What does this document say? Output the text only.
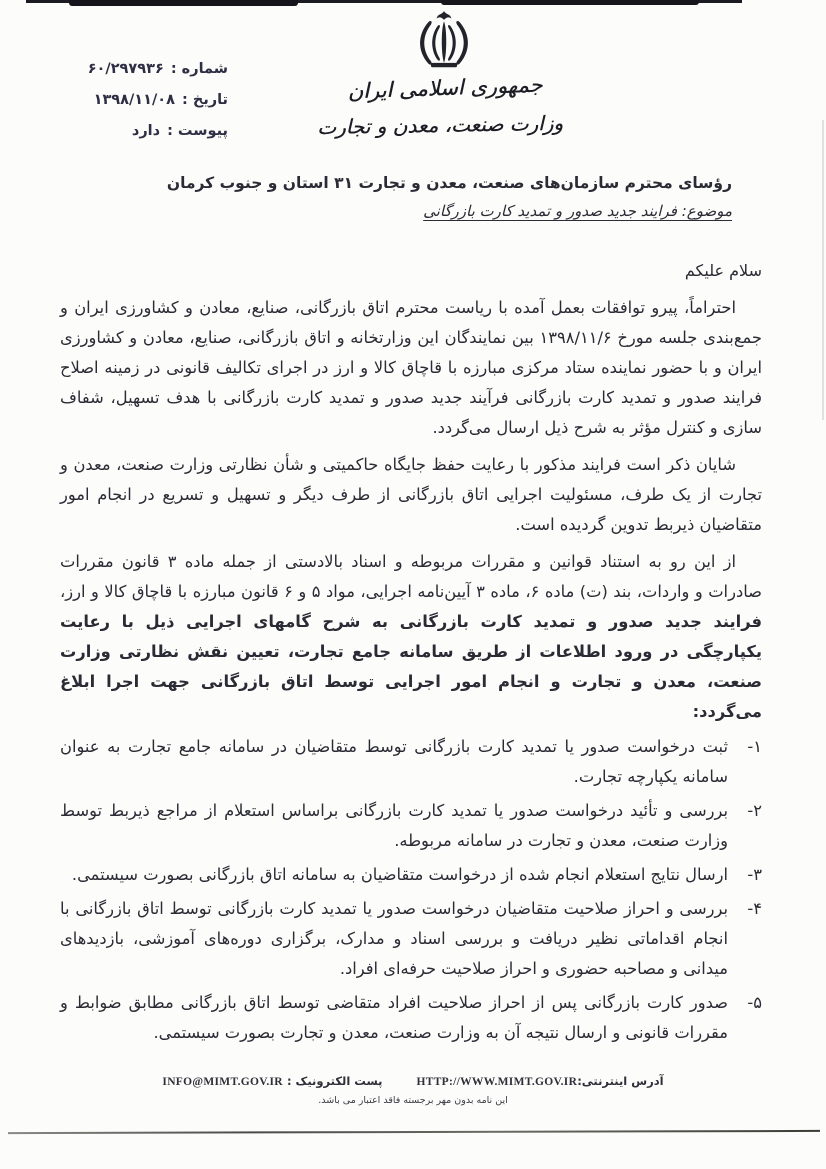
جمهوری اسلامی ایران
وزارت صنعت، معدن و تجارت
شماره :۶۰/۲۹۷۹۳۶
تاریخ :۱۳۹۸/۱۱/۰۸
پیوست :دارد
رؤسای محترم سازمان‌های صنعت، معدن و تجارت ۳۱ استان و جنوب کرمان
موضوع: فرایند جدید صدور و تمدید کارت بازرگانی
سلام علیکم

احتراماً، پیرو توافقات بعمل آمده با ریاست محترم اتاق بازرگانی، صنایع، معادن و کشاورزی ایران و جمع‌بندی جلسه مورخ ۱۳۹۸/۱۱/۶ بین نمایندگان این وزارتخانه و اتاق بازرگانی، صنایع، معادن و کشاورزی ایران و با حضور نماینده ستاد مرکزی مبارزه با قاچاق کالا و ارز در اجرای تکالیف قانونی در زمینه اصلاح فرایند صدور و تمدید کارت بازرگانی فرآیند جدید صدور و تمدید کارت بازرگانی با هدف تسهیل، شفاف سازی و کنترل مؤثر به شرح ذیل ارسال می‌گردد.

شایان ذکر است فرایند مذکور با رعایت حفظ جایگاه حاکمیتی و شأن نظارتی وزارت صنعت، معدن و تجارت از یک طرف، مسئولیت اجرایی اتاق بازرگانی از طرف دیگر و تسهیل و تسریع در انجام امور متقاضیان ذیربط تدوین گردیده است.

از این رو به استناد قوانین و مقررات مربوطه و اسناد بالادستی از جمله ماده ۳ قانون مقررات صادرات و واردات، بند (ت) ماده ۶، ماده ۳ آیین‌نامه اجرایی، مواد ۵ و ۶ قانون مبارزه با قاچاق کالا و ارز، فرایند جدید صدور و تمدید کارت بازرگانی به شرح گامهای اجرایی ذیل با رعایت یکپارچگی در ورود اطلاعات از طریق سامانه جامع تجارت، تعیین نقش نظارتی وزارت صنعت، معدن و تجارت و انجام امور اجرایی توسط اتاق بازرگانی جهت اجرا ابلاغ می‌گردد:

۱-
ثبت درخواست صدور یا تمدید کارت بازرگانی توسط متقاضیان در سامانه جامع تجارت به عنوان سامانه یکپارچه تجارت.
۲-
بررسی و تأئید درخواست صدور یا تمدید کارت بازرگانی براساس استعلام از مراجع ذیربط توسط وزارت صنعت، معدن و تجارت در سامانه مربوطه.
۳-
ارسال نتایج استعلام انجام شده از درخواست متقاضیان به سامانه اتاق بازرگانی بصورت سیستمی.
۴-
بررسی و احراز صلاحیت متقاضیان درخواست صدور یا تمدید کارت بازرگانی توسط اتاق بازرگانی با انجام اقداماتی نظیر دریافت و بررسی اسناد و مدارک، برگزاری دوره‌های آموزشی، بازدیدهای میدانی و مصاحبه حضوری و احراز صلاحیت حرفه‌ای افراد.
۵-
صدور کارت بازرگانی پس از احراز صلاحیت افراد متقاضی توسط اتاق بازرگانی مطابق ضوابط و مقررات قانونی و ارسال نتیجه آن به وزارت صنعت، معدن و تجارت بصورت سیستمی.
آدرس اینترنتی:HTTP://WWW.MIMT.GOV.IRپست الکترونیک : INFO@MIMT.GOV.IR
این نامه بدون مهر برجسته فاقد اعتبار می باشد.
